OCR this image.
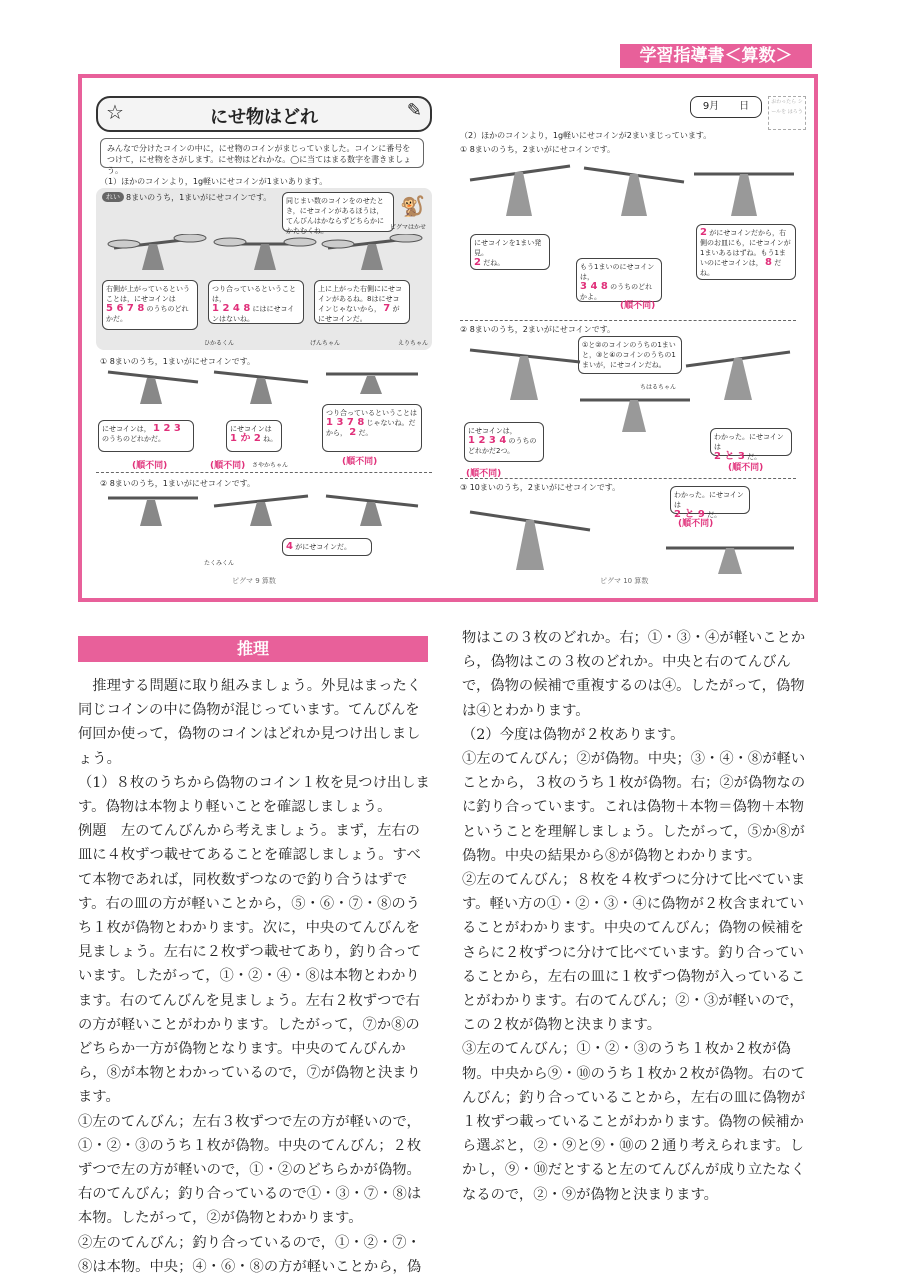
学習指導書＜算数＞
☆	にせ物はどれ	✎
みんなで分けたコインの中に，にせ物のコインがまじっていました。コインに番号を
つけて，にせ物をさがします。にせ物はどれかな。◯に当てはまる数字を書きましょう。
（1）ほかのコインより，1g軽いにせコインが1まいあります。
れい 8まいのうち，1まいがにせコインです。	同じまい数のコインをのせたとき，にせコインがあるほうは，てんびんはかならずどちらかにかたむくね。
🐒
ピグマはかせ
右側が上がっているということは，にせコインは
5 6 7 8 のうちのどれかだ。
つり合っているということは，
1 2 4 8 にはにせコインはないね。
上に上がった右側ににせコインがあるね。8はにせコインじゃないから， 7 がにせコインだ。
ひかるくん	げんちゃん	えりちゃん
① 8まいのうち，1まいがにせコインです。
にせコインは， 1 2 3
のうちのどれかだ。
にせコインは
1 か 2 ね。
つり合っているということは
1 3 7 8 じゃないね。だから， 2 だ。
(順不同)	(順不同) さやかちゃん	(順不同)
② 8まいのうち，1まいがにせコインです。
4 がにせコインだ。
たくみくん
ピグマ 9 算数
9月　　日	おわったら シールを はろう
（2）ほかのコインより，1g軽いにせコインが2まいまじっています。
① 8まいのうち，2まいがにせコインです。
にせコインを1まい発見。
2 だね。	もう1まいのにせコインは，
3 4 8 のうちのどれかよ。
(順不同)
2 がにせコインだから，右側のお皿にも，にせコインが1まいあるはずね。もう1まいのにせコインは， 8 だね。
② 8まいのうち，2まいがにせコインです。
①と②のコインのうちの1まいと，③と④のコインのうちの1まいが，にせコインだね。
ちはるちゃん
にせコインは，
1 2 3 4 のうちのどれかだ2つ。
(順不同)
わかった。にせコインは
2 と 3 だ。
(順不同)
③ 10まいのうち，2まいがにせコインです。
わかった。にせコインは
2 と 9 だ。
(順不同)
ピグマ 10 算数
推理

推理する問題に取り組みましょう。外見はまったく同じコインの中に偽物が混じっています。てんびんを何回か使って，偽物のコインはどれか見つけ出しましょう。

（1）８枚のうちから偽物のコイン１枚を見つけ出します。偽物は本物より軽いことを確認しましょう。

例題　左のてんびんから考えましょう。まず，左右の皿に４枚ずつ載せてあることを確認しましょう。すべて本物であれば，同枚数ずつなので釣り合うはずです。右の皿の方が軽いことから，⑤・⑥・⑦・⑧のうち１枚が偽物とわかります。次に，中央のてんびんを見ましょう。左右に２枚ずつ載せてあり，釣り合っています。したがって，①・②・④・⑧は本物とわかります。右のてんびんを見ましょう。左右２枚ずつで右の方が軽いことがわかります。したがって，⑦か⑧のどちらか一方が偽物となります。中央のてんびんから，⑧が本物とわかっているので，⑦が偽物と決まります。

①左のてんびん；左右３枚ずつで左の方が軽いので，①・②・③のうち１枚が偽物。中央のてんびん；２枚ずつで左の方が軽いので，①・②のどちらかが偽物。右のてんびん；釣り合っているので①・③・⑦・⑧は本物。したがって，②が偽物とわかります。

②左のてんびん；釣り合っているので，①・②・⑦・⑧は本物。中央；④・⑥・⑧の方が軽いことから，偽

物はこの３枚のどれか。右；①・③・④が軽いことから，偽物はこの３枚のどれか。中央と右のてんびんで，偽物の候補で重複するのは④。したがって，偽物は④とわかります。

（2）今度は偽物が２枚あります。

①左のてんびん；②が偽物。中央；③・④・⑧が軽いことから，３枚のうち１枚が偽物。右；②が偽物なのに釣り合っています。これは偽物＋本物＝偽物＋本物ということを理解しましょう。したがって，⑤か⑧が偽物。中央の結果から⑧が偽物とわかります。

②左のてんびん；８枚を４枚ずつに分けて比べています。軽い方の①・②・③・④に偽物が２枚含まれていることがわかります。中央のてんびん；偽物の候補をさらに２枚ずつに分けて比べています。釣り合っていることから，左右の皿に１枚ずつ偽物が入っていることがわかります。右のてんびん；②・③が軽いので，この２枚が偽物と決まります。

③左のてんびん；①・②・③のうち１枚か２枚が偽物。中央から⑨・⑩のうち１枚か２枚が偽物。右のてんびん；釣り合っていることから，左右の皿に偽物が１枚ずつ載っていることがわかります。偽物の候補から選ぶと，②・⑨と⑨・⑩の２通り考えられます。しかし，⑨・⑩だとすると左のてんびんが成り立たなくなるので，②・⑨が偽物と決まります。
